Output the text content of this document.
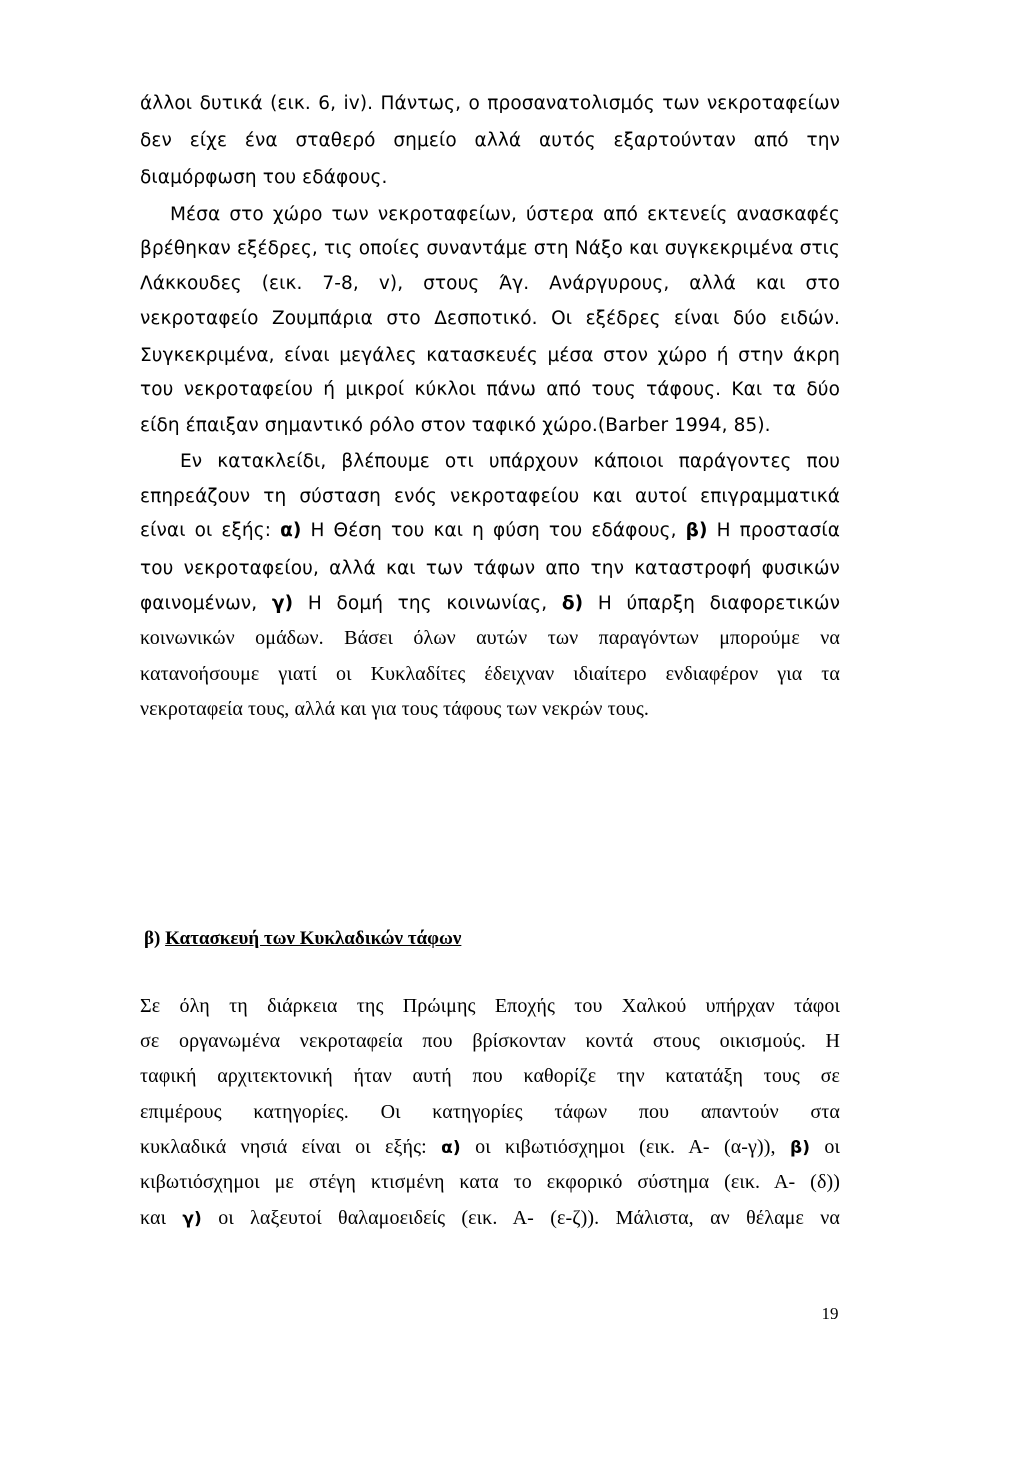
άλλοι δυτικά (εικ. 6, iv). Πάντως, ο προσανατολισμός των νεκροταφείων
δεν είχε ένα σταθερό σημείο αλλά αυτός εξαρτούνταν από την
διαμόρφωση του εδάφους.
Μέσα στο χώρο των νεκροταφείων, ύστερα από εκτενείς ανασκαφές
βρέθηκαν εξέδρες, τις οποίες συναντάμε στη Νάξο και συγκεκριμένα στις
Λάκκουδες (εικ. 7-8, v), στους Άγ. Ανάργυρους, αλλά και στο
νεκροταφείο Ζουμπάρια στο Δεσποτικό. Οι εξέδρες είναι δύο ειδών.
Συγκεκριμένα, είναι μεγάλες κατασκευές μέσα στον χώρο ή στην άκρη
του νεκροταφείου ή μικροί κύκλοι πάνω από τους τάφους. Και τα δύο
είδη έπαιξαν σημαντικό ρόλο στον ταφικό χώρο.(Barber 1994, 85).
Εν κατακλείδι, βλέπουμε οτι υπάρχουν κάποιοι παράγοντες που
επηρεάζουν τη σύσταση ενός νεκροταφείου και αυτοί επιγραμματικά
είναι οι εξής: α) Η Θέση του και η φύση του εδάφους, β) Η προστασία
του νεκροταφείου, αλλά και των τάφων απο την καταστροφή φυσικών
φαινομένων, γ) Η δομή της κοινωνίας, δ) Η ύπαρξη διαφορετικών
κοινωνικών ομάδων. Βάσει όλων αυτών των παραγόντων μπορούμε να
κατανοήσουμε γιατί οι Κυκλαδίτες έδειχναν ιδιαίτερο ενδιαφέρον για τα
νεκροταφεία τους, αλλά και για τους τάφους των νεκρών τους.
β) Κατασκευή των Κυκλαδικών τάφων
Σε όλη τη διάρκεια της Πρώιμης Εποχής του Χαλκού υπήρχαν τάφοι
σε οργανωμένα νεκροταφεία που βρίσκονταν κοντά στους οικισμούς. Η
ταφική αρχιτεκτονική ήταν αυτή που καθορίζε την κατατάξη τους σε
επιμέρους κατηγορίες. Οι κατηγορίες τάφων που απαντούν στα
κυκλαδικά νησιά είναι οι εξής: α) οι κιβωτιόσχημοι (εικ. Α- (α-γ)), β) οι
κιβωτιόσχημοι με στέγη κτισμένη κατα το εκφορικό σύστημα (εικ. Α- (δ))
και γ) οι λαξευτοί θαλαμοειδείς (εικ. Α- (ε-ζ)). Μάλιστα, αν θέλαμε να
19
